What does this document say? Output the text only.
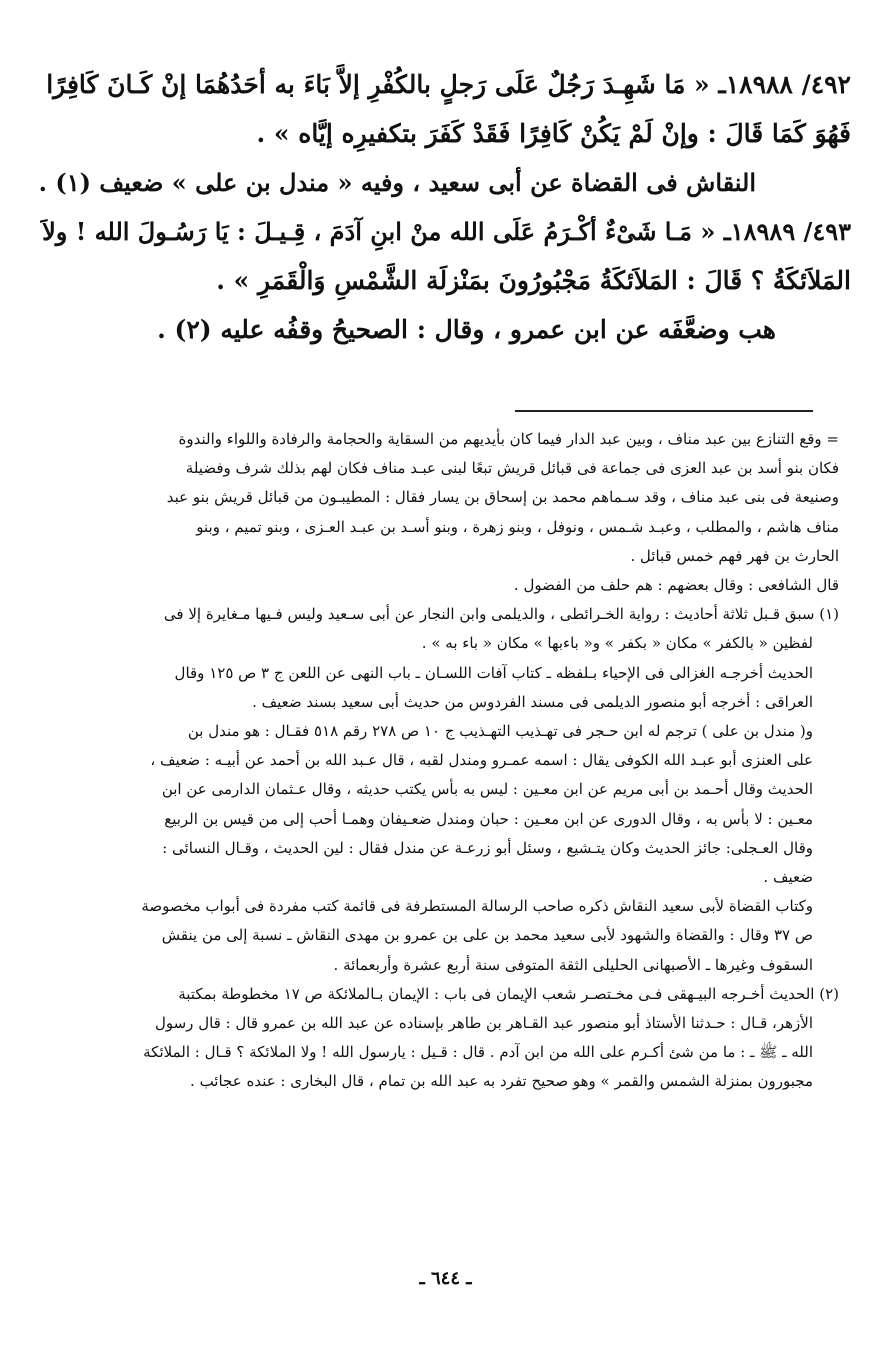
٤٩٢/ ١٨٩٨٨ـ « مَا شَهِـدَ رَجُلٌ عَلَى رَجلٍ بالكُفْرِ إلاَّ بَاءَ به أحَدُهُمَا إنْ كَـانَ كَافِرًا

فَهُوَ كَمَا قَالَ : وإنْ لَمْ يَكُنْ كَافِرًا فَقَدْ كَفَرَ بتكفيرِه إيَّاه » .

النقاش فى القضاة عن أبى سعيد ، وفيه « مندل بن على » ضعيف (١) .

٤٩٣/ ١٨٩٨٩ـ « مَـا شَىْءٌ أكْـرَمُ عَلَى الله منْ ابنِ آدَمَ ، قِـيـلَ : يَا رَسُـولَ الله ! ولاَ

المَلاَئكَةُ ؟ قَالَ : المَلاَئكَةُ مَجْبُورُونَ بمَنْزلَة الشَّمْسِ وَالْقَمَرِ » .

هب وضعَّفَه عن ابن عمرو ، وقال : الصحيحُ وقفُه عليه (٢) .

= وقع التنازع بين عبد مناف ، وبين عبد الدار فيما كان بأيديهم من السقاية والحجامة والرفادة واللواء والندوة

فكان بنو أسد بن عبد العزى فى جماعة فى قبائل قريش تبعًا لبنى عبـد مناف فكان لهم بذلك شرف وفضيلة

وصنيعة فى بنى عبد مناف ، وقد سـماهم محمد بن إسحاق بن يسار فقال : المطيبـون من قبائل قريش بنو عبد

مناف هاشم ، والمطلب ، وعبـد شـمس ، ونوفل ، وبنو زهرة ، وبنو أسـد بن عبـد العـزى ، وبنو تميم ، وبنو

الحارث بن فهر فهم خمس قبائل .

قال الشافعى : وقال بعضهم : هم حلف من الفضول .

(١) سبق قـبل ثلاثة أحاديث : رواية الخـرائطى ، والديلمى وابن النجار عن أبى سـعيد وليس فـيها مـغايرة إلا فى

لفظين « بالكفر » مكان « بكفر » و« باءبها » مكان « باء به » .

الحديث أخرجـه الغزالى فى الإحياء بـلفظه ـ كتاب آفات اللسـان ـ باب النهى عن اللعن ج ٣ ص ١٢٥ وقال

العراقى : أخرجه أبو منصور الديلمى فى مسند الفردوس من حديث أبى سعيد بسند ضعيف .

و( مندل بن على ) ترجم له ابن حـجر فى تهـذيب التهـذيب ج ١٠ ص ٢٧٨ رقم ٥١٨ فقـال : هو مندل بن

على العنزى أبو عبـد الله الكوفى يقال : اسمه عمـرو ومندل لقبه ، قال عـبد الله بن أحمد عن أبيـه : ضعيف ،

الحديث وقال أحـمد بن أبى مريم عن ابن معـين : ليس به بأس يكتب حديثه ، وقال عـثمان الدارمى عن ابن

معـين : لا بأس به ، وقال الدورى عن ابن معـين : حبان ومندل ضعـيفان وهمـا أحب إلى من قيس بن الربيع

وقال العـجلى: جائز الحديث وكان يتـشيع ، وسئل أبو زرعـة عن مندل فقال : لين الحديث ، وقـال النسائى :

ضعيف .

وكتاب القضاة لأبى سعيد النقاش ذكره صاحب الرسالة المستطرفة فى قائمة كتب مفردة فى أبواب مخصوصة

ص ٣٧ وقال : والقضاة والشهود لأبى سعيد محمد بن على بن عمرو بن مهدى النقاش ـ نسبة إلى من ينقش

السقوف وغيرها ـ الأصبهانى الحليلى الثقة المتوفى سنة أربع عشرة وأربعمائة .

(٢) الحديث أخـرجه البيـهقى فـى مخـتصـر شعب الإيمان فى باب : الإيمان بـالملائكة ص ١٧ مخطوطة بمكتبة

الأزهر، قـال : حـدثنا الأستاذ أبو منصور عبد القـاهر بن طاهر بإسناده عن عبد الله بن عمرو قال : قال رسول

الله ـ ﷺ ـ : ما من شئ أكـرم على الله من ابن آدم . قال : قـيل : يارسول الله ! ولا الملائكة ؟ قـال : الملائكة

مجبورون بمنزلة الشمس والقمر » وهو صحيح تفرد به عبد الله بن تمام ، قال البخارى : عنده عجائب .

ـ ٦٤٤ ـ
